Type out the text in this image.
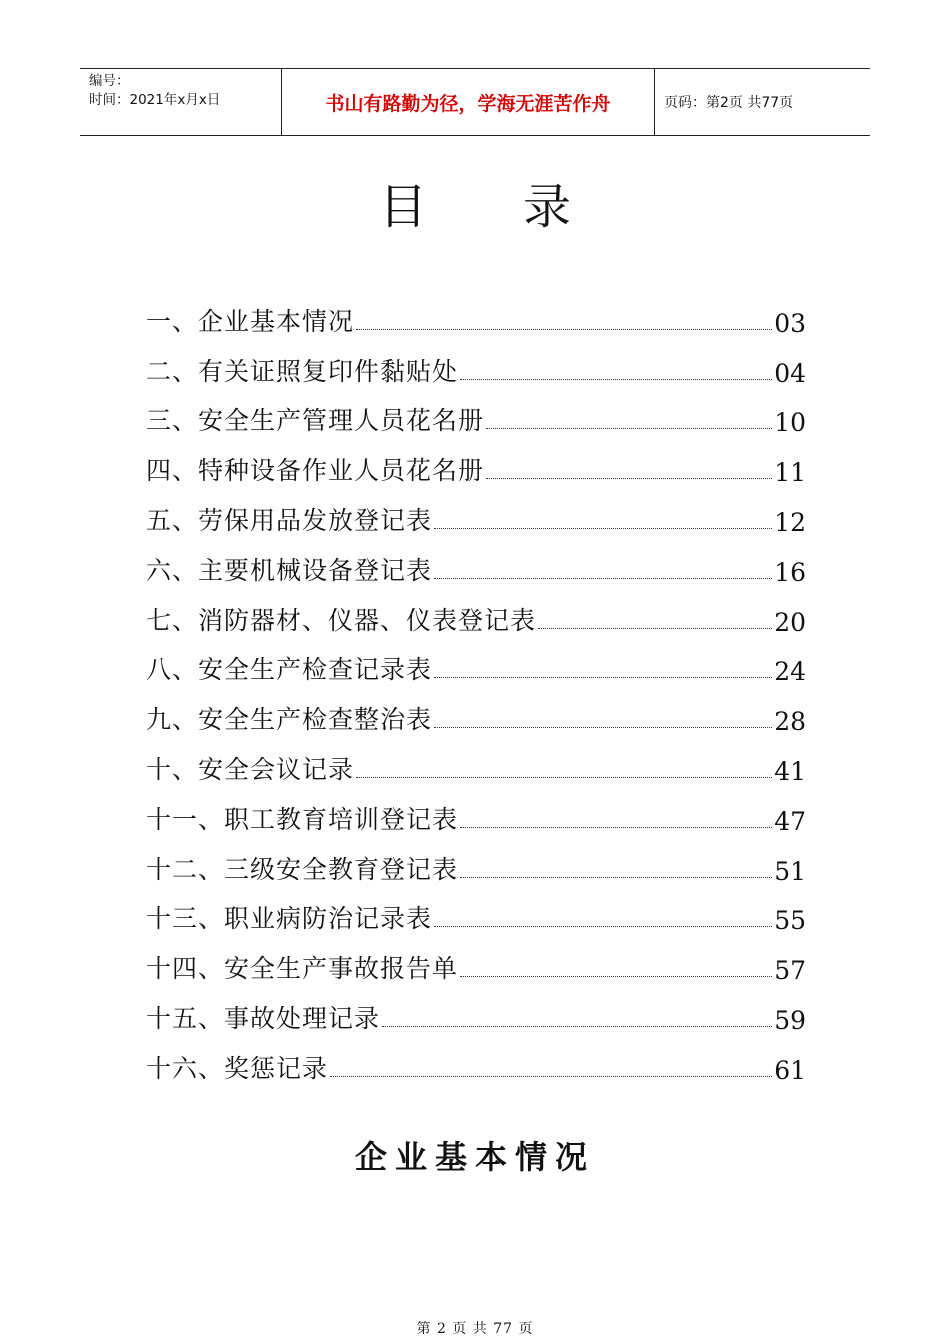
编号：
时间：2021年x月x日	书山有路勤为径，学海无涯苦作舟	页码：第2页 共77页
目录
一、企业基本情况	03
二、有关证照复印件黏贴处	04
三、安全生产管理人员花名册	10
四、特种设备作业人员花名册	11
五、劳保用品发放登记表	12
六、主要机械设备登记表	16
七、消防器材、仪器、仪表登记表	20
八、安全生产检查记录表	24
九、安全生产检查整治表	28
十、安全会议记录	41
十一、职工教育培训登记表	47
十二、三级安全教育登记表	51
十三、职业病防治记录表	55
十四、安全生产事故报告单	57
十五、事故处理记录	59
十六、奖惩记录	61
企业基本情况
第 2 页 共 77 页
